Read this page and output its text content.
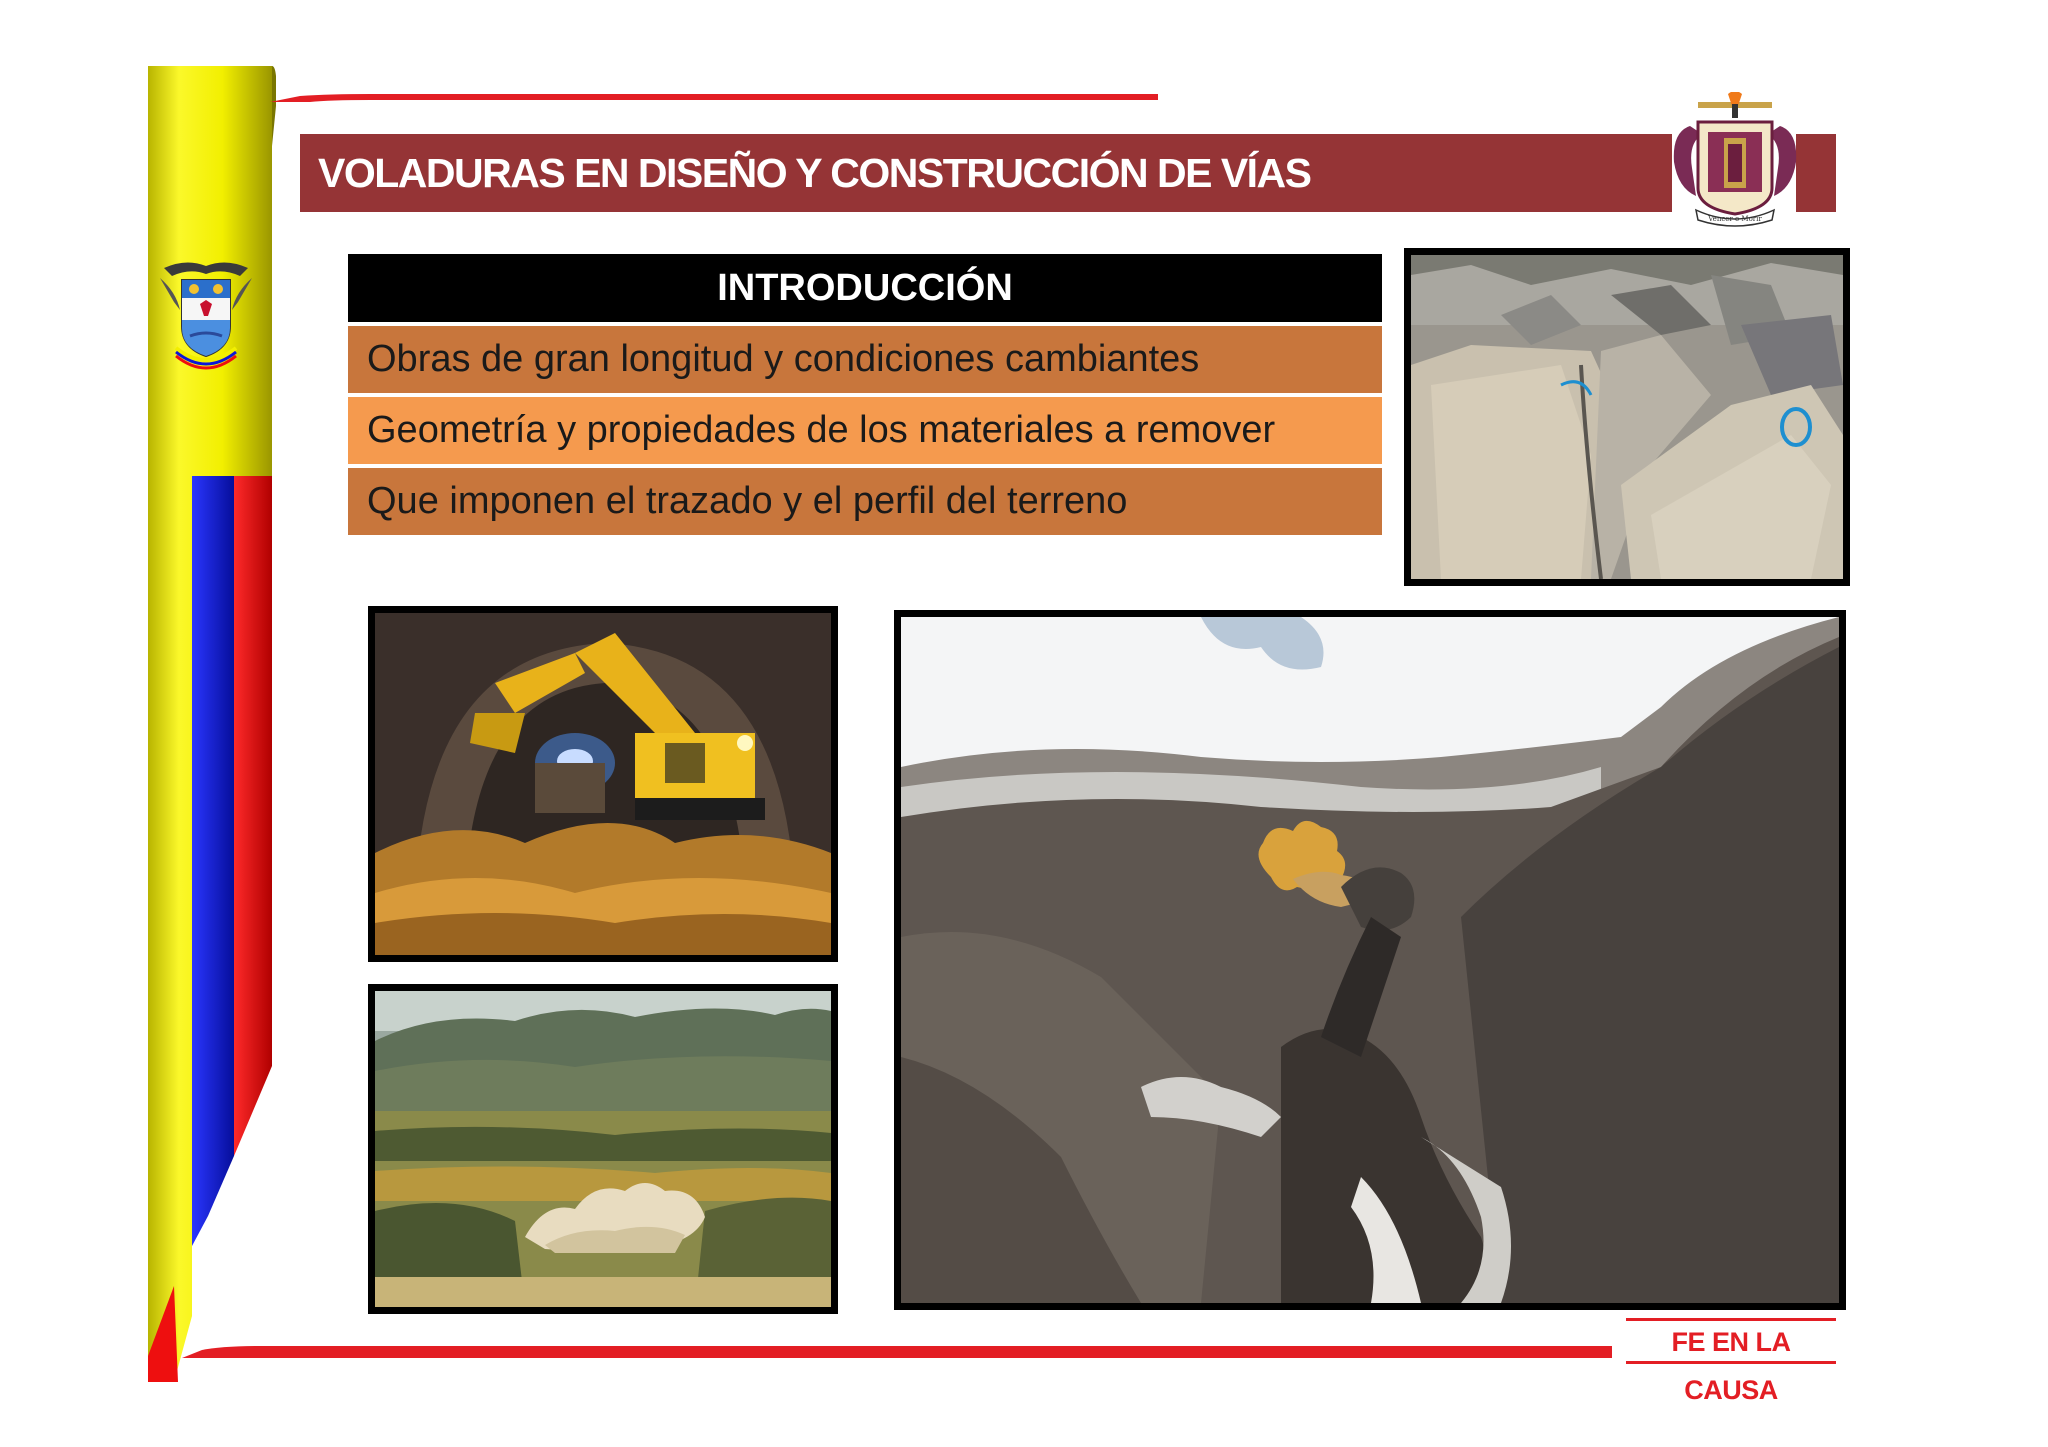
VOLADURAS EN DISEÑO Y CONSTRUCCIÓN DE VÍAS
Vencer o Morir
INTRODUCCIÓN
Obras de gran longitud y condiciones cambiantes
Geometría y propiedades de los materiales a remover
Que imponen el trazado y el perfil del terreno
FE EN LA CAUSA
